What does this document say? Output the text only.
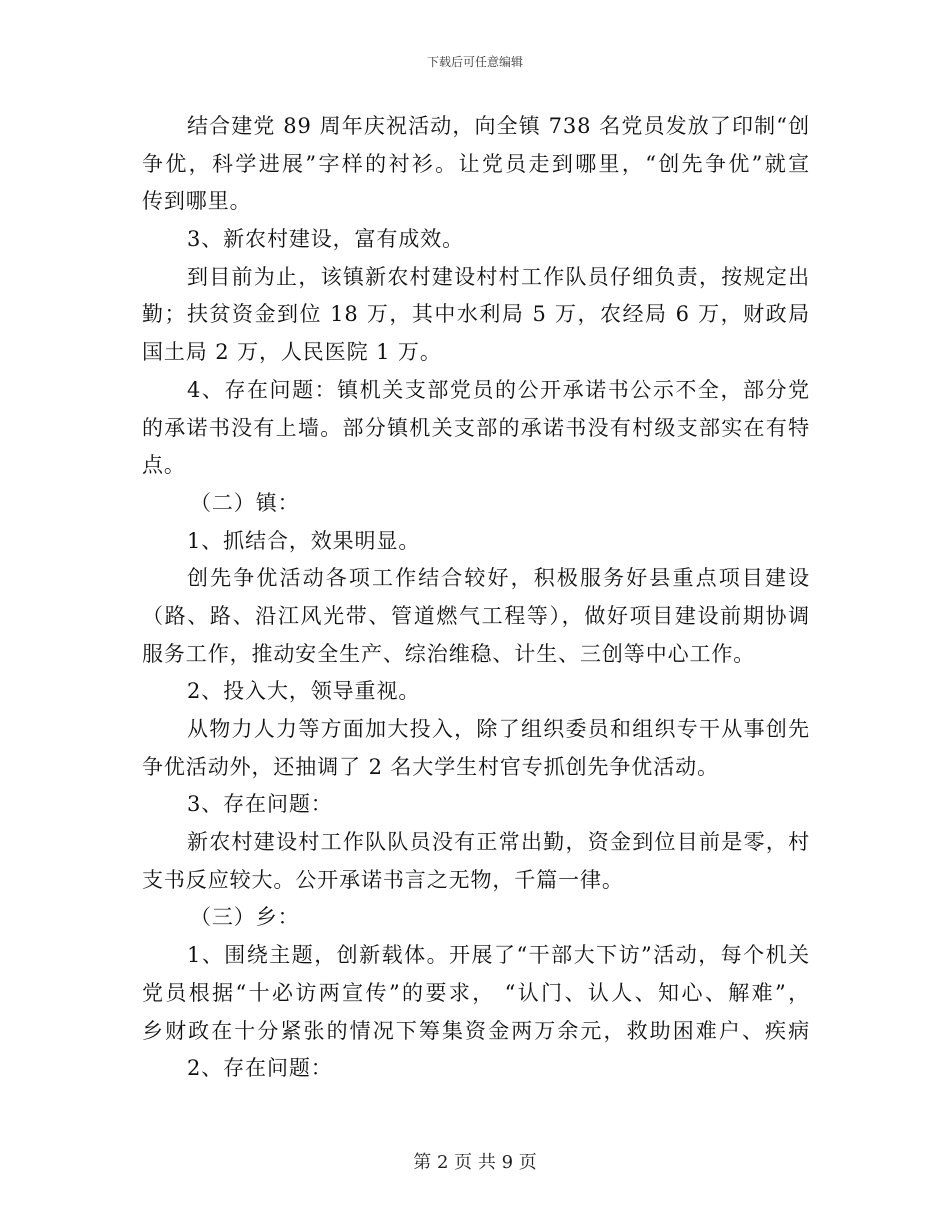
下载后可任意编辑
结合建党 89 周年庆祝活动，向全镇 738 名党员发放了印制“创
争优，科学进展”字样的衬衫。让党员走到哪里，“创先争优”就宣
传到哪里。
3、新农村建设，富有成效。
到目前为止，该镇新农村建设村村工作队员仔细负责，按规定出
勤；扶贫资金到位 18 万，其中水利局 5 万，农经局 6 万，财政局
国土局 2 万，人民医院 1 万。
4、存在问题：镇机关支部党员的公开承诺书公示不全，部分党
的承诺书没有上墙。部分镇机关支部的承诺书没有村级支部实在有特
点。
（二）镇：
1、抓结合，效果明显。
创先争优活动各项工作结合较好，积极服务好县重点项目建设
（路、路、沿江风光带、管道燃气工程等），做好项目建设前期协调
服务工作，推动安全生产、综治维稳、计生、三创等中心工作。
2、投入大，领导重视。
从物力人力等方面加大投入，除了组织委员和组织专干从事创先
争优活动外，还抽调了 2 名大学生村官专抓创先争优活动。
3、存在问题：
新农村建设村工作队队员没有正常出勤，资金到位目前是零，村
支书反应较大。公开承诺书言之无物，千篇一律。
（三）乡：
1、围绕主题，创新载体。开展了“干部大下访”活动，每个机关
党员根据“十必访两宣传”的要求， “认门、认人、知心、解难”，
乡财政在十分紧张的情况下筹集资金两万余元，救助困难户、疾病
2、存在问题：
第 2 页 共 9 页
